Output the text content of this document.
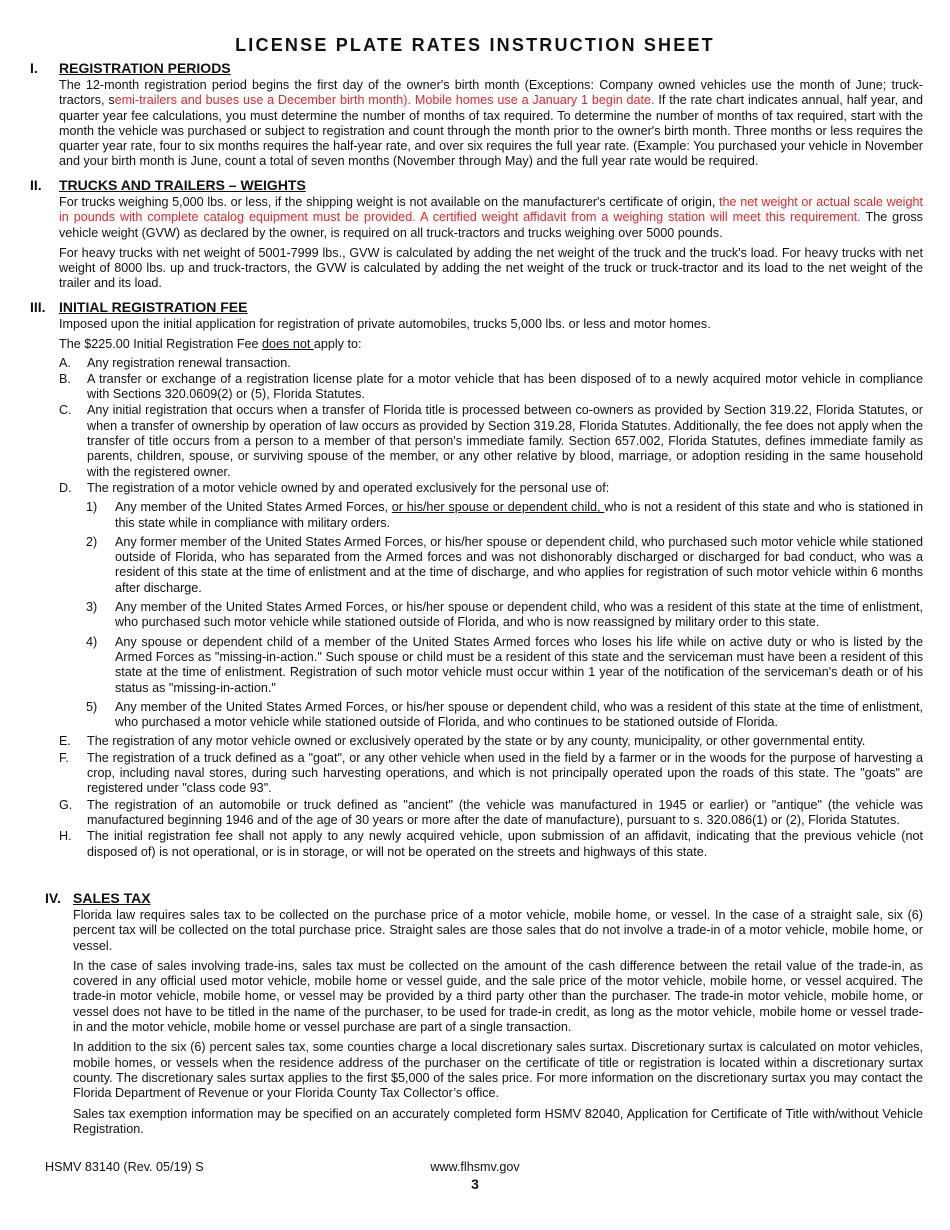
LICENSE PLATE RATES INSTRUCTION SHEET
I. REGISTRATION PERIODS
The 12-month registration period begins the first day of the owner's birth month (Exceptions: Company owned vehicles use the month of June; truck-tractors, semi-trailers and buses use a December birth month). Mobile homes use a January 1 begin date. If the rate chart indicates annual, half year, and quarter year fee calculations, you must determine the number of months of tax required. To determine the number of months of tax required, start with the month the vehicle was purchased or subject to registration and count through the month prior to the owner's birth month. Three months or less requires the quarter year rate, four to six months requires the half-year rate, and over six requires the full year rate. (Example: You purchased your vehicle in November and your birth month is June, count a total of seven months (November through May) and the full year rate would be required.
II. TRUCKS AND TRAILERS – WEIGHTS
For trucks weighing 5,000 lbs. or less, if the shipping weight is not available on the manufacturer's certificate of origin, the net weight or actual scale weight in pounds with complete catalog equipment must be provided. A certified weight affidavit from a weighing station will meet this requirement. The gross vehicle weight (GVW) as declared by the owner, is required on all truck-tractors and trucks weighing over 5000 pounds.
For heavy trucks with net weight of 5001-7999 lbs., GVW is calculated by adding the net weight of the truck and the truck's load. For heavy trucks with net weight of 8000 lbs. up and truck-tractors, the GVW is calculated by adding the net weight of the truck or truck-tractor and its load to the net weight of the trailer and its load.
III. INITIAL REGISTRATION FEE
Imposed upon the initial application for registration of private automobiles, trucks 5,000 lbs. or less and motor homes.
The $225.00 Initial Registration Fee does not apply to:
A. Any registration renewal transaction.
B. A transfer or exchange of a registration license plate for a motor vehicle that has been disposed of to a newly acquired motor vehicle in compliance with Sections 320.0609(2) or (5), Florida Statutes.
C. Any initial registration that occurs when a transfer of Florida title is processed between co-owners as provided by Section 319.22, Florida Statutes, or when a transfer of ownership by operation of law occurs as provided by Section 319.28, Florida Statutes. Additionally, the fee does not apply when the transfer of title occurs from a person to a member of that person's immediate family. Section 657.002, Florida Statutes, defines immediate family as parents, children, spouse, or surviving spouse of the member, or any other relative by blood, marriage, or adoption residing in the same household with the registered owner.
D. The registration of a motor vehicle owned by and operated exclusively for the personal use of:
1) Any member of the United States Armed Forces, or his/her spouse or dependent child, who is not a resident of this state and who is stationed in this state while in compliance with military orders.
2) Any former member of the United States Armed Forces, or his/her spouse or dependent child, who purchased such motor vehicle while stationed outside of Florida, who has separated from the Armed forces and was not dishonorably discharged or discharged for bad conduct, who was a resident of this state at the time of enlistment and at the time of discharge, and who applies for registration of such motor vehicle within 6 months after discharge.
3) Any member of the United States Armed Forces, or his/her spouse or dependent child, who was a resident of this state at the time of enlistment, who purchased such motor vehicle while stationed outside of Florida, and who is now reassigned by military order to this state.
4) Any spouse or dependent child of a member of the United States Armed forces who loses his life while on active duty or who is listed by the Armed Forces as "missing-in-action." Such spouse or child must be a resident of this state and the serviceman must have been a resident of this state at the time of enlistment. Registration of such motor vehicle must occur within 1 year of the notification of the serviceman's death or of his status as "missing-in-action."
5) Any member of the United States Armed Forces, or his/her spouse or dependent child, who was a resident of this state at the time of enlistment, who purchased a motor vehicle while stationed outside of Florida, and who continues to be stationed outside of Florida.
E. The registration of any motor vehicle owned or exclusively operated by the state or by any county, municipality, or other governmental entity.
F. The registration of a truck defined as a "goat", or any other vehicle when used in the field by a farmer or in the woods for the purpose of harvesting a crop, including naval stores, during such harvesting operations, and which is not principally operated upon the roads of this state. The "goats" are registered under "class code 93".
G. The registration of an automobile or truck defined as "ancient" (the vehicle was manufactured in 1945 or earlier) or "antique" (the vehicle was manufactured beginning 1946 and of the age of 30 years or more after the date of manufacture), pursuant to s. 320.086(1) or (2), Florida Statutes.
H. The initial registration fee shall not apply to any newly acquired vehicle, upon submission of an affidavit, indicating that the previous vehicle (not disposed of) is not operational, or is in storage, or will not be operated on the streets and highways of this state.
IV. SALES TAX
Florida law requires sales tax to be collected on the purchase price of a motor vehicle, mobile home, or vessel. In the case of a straight sale, six (6) percent tax will be collected on the total purchase price. Straight sales are those sales that do not involve a trade-in of a motor vehicle, mobile home, or vessel.
In the case of sales involving trade-ins, sales tax must be collected on the amount of the cash difference between the retail value of the trade-in, as covered in any official used motor vehicle, mobile home or vessel guide, and the sale price of the motor vehicle, mobile home, or vessel acquired. The trade-in motor vehicle, mobile home, or vessel may be provided by a third party other than the purchaser. The trade-in motor vehicle, mobile home, or vessel does not have to be titled in the name of the purchaser, to be used for trade-in credit, as long as the motor vehicle, mobile home or vessel trade-in and the motor vehicle, mobile home or vessel purchase are part of a single transaction.
In addition to the six (6) percent sales tax, some counties charge a local discretionary sales surtax. Discretionary surtax is calculated on motor vehicles, mobile homes, or vessels when the residence address of the purchaser on the certificate of title or registration is located within a discretionary surtax county. The discretionary sales surtax applies to the first $5,000 of the sales price. For more information on the discretionary surtax you may contact the Florida Department of Revenue or your Florida County Tax Collector’s office.
Sales tax exemption information may be specified on an accurately completed form HSMV 82040, Application for Certificate of Title with/without Vehicle Registration.
HSMV 83140 (Rev. 05/19) S	www.flhsmv.gov
3
